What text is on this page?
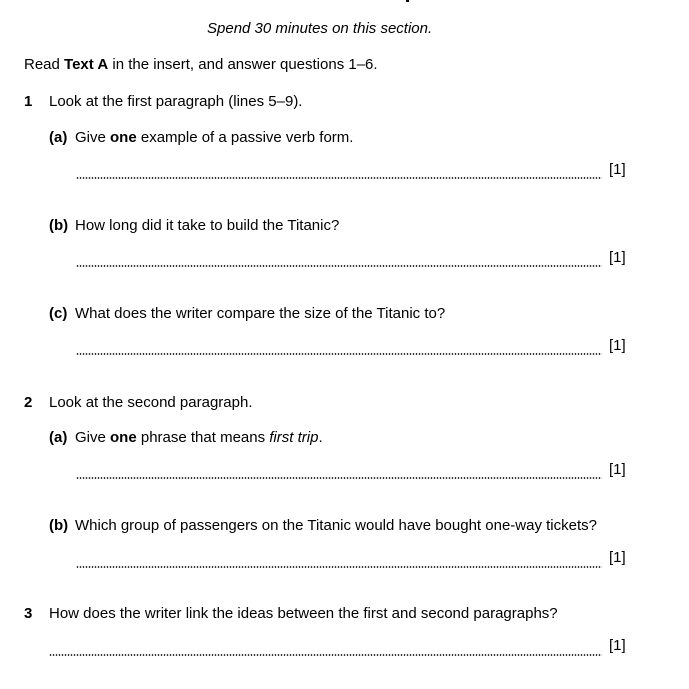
Spend 30 minutes on this section.
Read Text A in the insert, and answer questions 1–6.
1 Look at the first paragraph (lines 5–9).
(a) Give one example of a passive verb form.
[1]
(b) How long did it take to build the Titanic?
[1]
(c) What does the writer compare the size of the Titanic to?
[1]
2 Look at the second paragraph.
(a) Give one phrase that means first trip.
[1]
(b) Which group of passengers on the Titanic would have bought one-way tickets?
[1]
3 How does the writer link the ideas between the first and second paragraphs?
[1]
